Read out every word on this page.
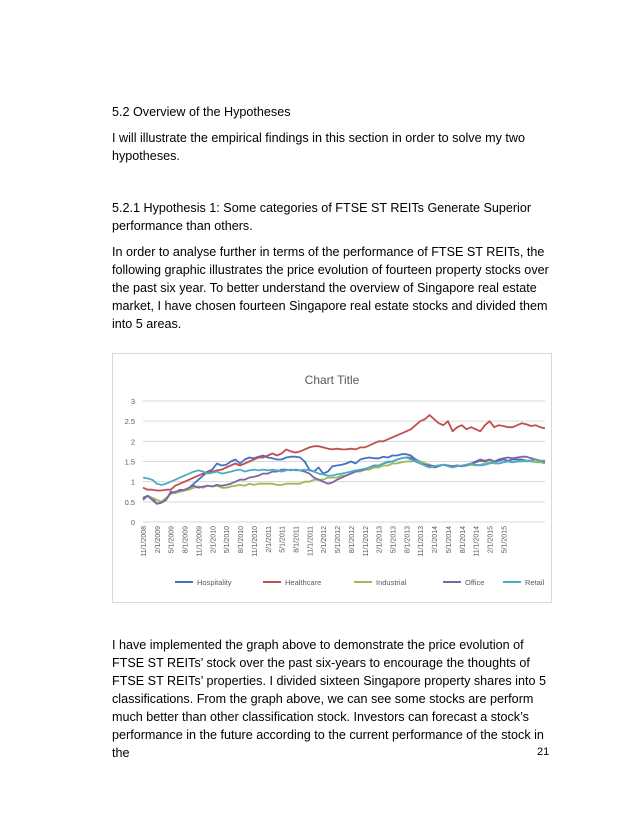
5.2 Overview of the Hypotheses

I will illustrate the empirical findings in this section in order to solve my two hypotheses.

5.2.1 Hypothesis 1: Some categories of FTSE ST REITs Generate Superior performance than others.

In order to analyse further in terms of the performance of FTSE ST REITs, the following graphic illustrates the price evolution of fourteen property stocks over the past six year. To better understand the overview of Singapore real estate market, I have chosen fourteen Singapore real estate stocks and divided them into 5 areas.

Chart Title
0
0.5
1
1.5
2
2.5
3
11/1/2008 2/1/2009 5/1/2009 8/1/2009 11/1/2009 2/1/2010 5/1/2010 8/1/2010 11/1/2010 2/1/2011 5/1/2011 8/1/2011 11/1/2011 2/1/2012 5/1/2012 8/1/2012 11/1/2012 2/1/2013 5/1/2013 8/1/2013 11/1/2013 2/1/2014 5/1/2014 8/1/2014 11/1/2014 2/1/2015 5/1/2015
Hospitality	Healthcare	Industrial	Office	Retail

I have implemented the graph above to demonstrate the price evolution of FTSE ST REITs’ stock over the past six-years to encourage the thoughts of FTSE ST REITs’ properties. I divided sixteen Singapore property shares into 5 classifications. From the graph above, we can see some stocks are perform much better than other classification stock. Investors can forecast a stock’s performance in the future according to the current performance of the stock in the	21
